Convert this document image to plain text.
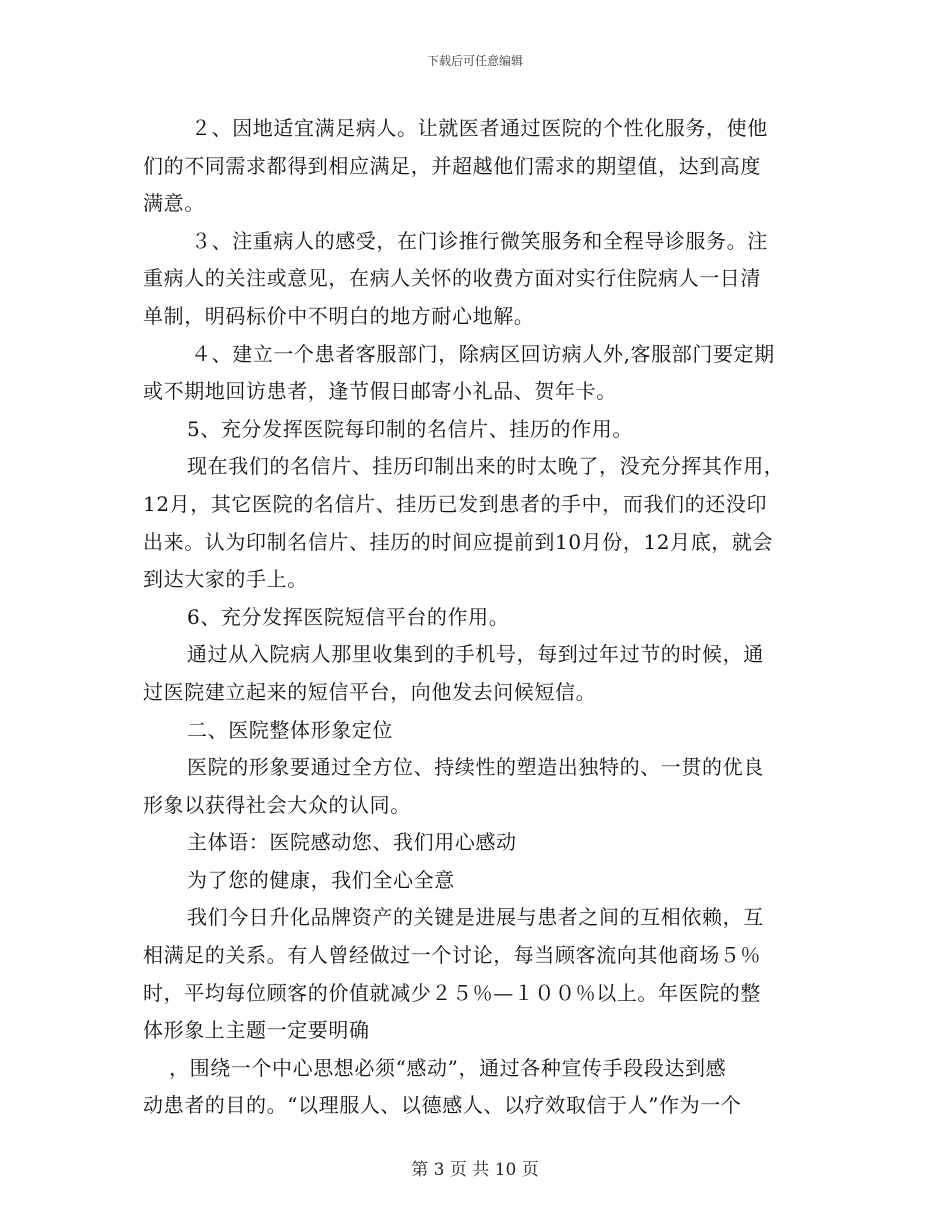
下载后可任意编辑
２、因地适宜满足病人。让就医者通过医院的个性化服务，使他
们的不同需求都得到相应满足，并超越他们需求的期望值，达到高度
满意。
３、注重病人的感受，在门诊推行微笑服务和全程导诊服务。注
重病人的关注或意见，在病人关怀的收费方面对实行住院病人一日清
单制，明码标价中不明白的地方耐心地解。
４、建立一个患者客服部门，除病区回访病人外,客服部门要定期
或不期地回访患者，逢节假日邮寄小礼品、贺年卡。
5、充分发挥医院每印制的名信片、挂历的作用。
现在我们的名信片、挂历印制出来的时太晚了，没充分挥其作用，
12月，其它医院的名信片、挂历已发到患者的手中，而我们的还没印
出来。认为印制名信片、挂历的时间应提前到10月份，12月底，就会
到达大家的手上。
6、充分发挥医院短信平台的作用。
通过从入院病人那里收集到的手机号，每到过年过节的时候，通
过医院建立起来的短信平台，向他发去问候短信。
二、医院整体形象定位
医院的形象要通过全方位、持续性的塑造出独特的、一贯的优良
形象以获得社会大众的认同。
主体语：医院感动您、我们用心感动
为了您的健康，我们全心全意
我们今日升化品牌资产的关键是进展与患者之间的互相依赖，互
相满足的关系。有人曾经做过一个讨论，每当顾客流向其他商场５％
时，平均每位顾客的价值就减少２５％—１００％以上。年医院的整
体形象上主题一定要明确
，围绕一个中心思想必须“感动”，通过各种宣传手段段达到感
动患者的目的。“以理服人、以德感人、以疗效取信于人”作为一个
第 3 页 共 10 页
